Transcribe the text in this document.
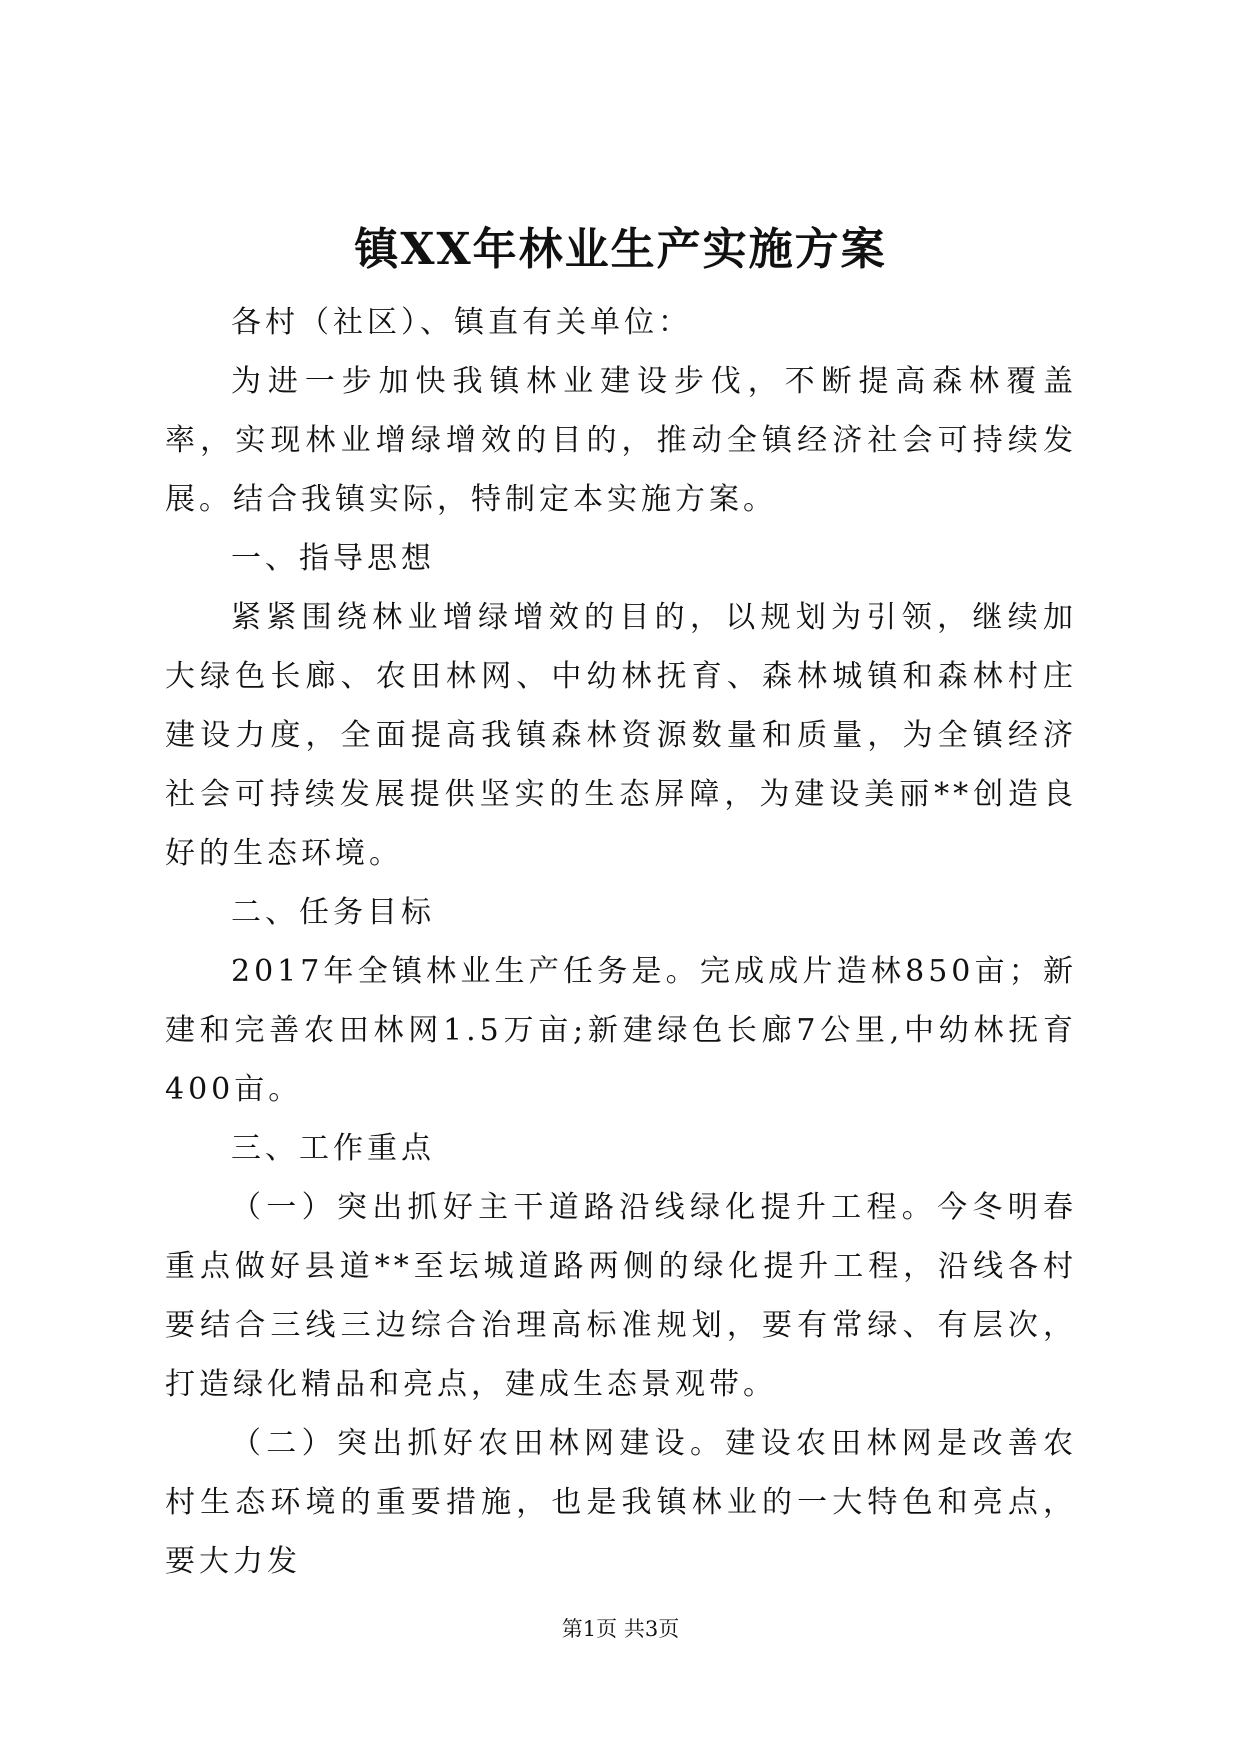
镇XX年林业生产实施方案

各村（社区）、镇直有关单位：

为进一步加快我镇林业建设步伐，不断提高森林覆盖率，实现林业增绿增效的目的，推动全镇经济社会可持续发展。结合我镇实际，特制定本实施方案。

一、指导思想

紧紧围绕林业增绿增效的目的，以规划为引领，继续加大绿色长廊、农田林网、中幼林抚育、森林城镇和森林村庄建设力度，全面提高我镇森林资源数量和质量，为全镇经济社会可持续发展提供坚实的生态屏障，为建设美丽**创造良好的生态环境。

二、任务目标

2017年全镇林业生产任务是。完成成片造林850亩；新建和完善农田林网1.5万亩;新建绿色长廊7公里,中幼林抚育400亩。

三、工作重点

（一）突出抓好主干道路沿线绿化提升工程。今冬明春重点做好县道**至坛城道路两侧的绿化提升工程，沿线各村要结合三线三边综合治理高标准规划，要有常绿、有层次，打造绿化精品和亮点，建成生态景观带。

（二）突出抓好农田林网建设。建设农田林网是改善农村生态环境的重要措施，也是我镇林业的一大特色和亮点，要大力发

第1页 共3页
